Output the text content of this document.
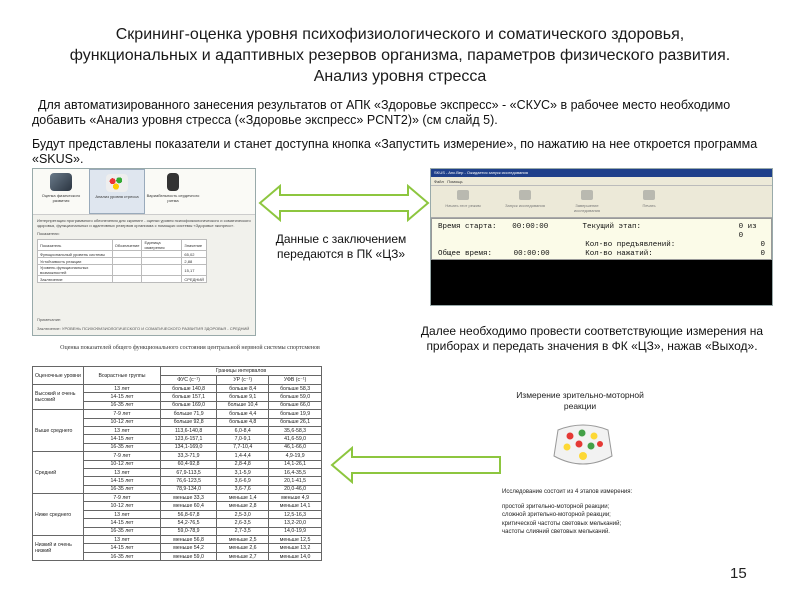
Скрининг-оценка уровня психофизиологического и соматического здоровья,
функциональных и адаптивных резервов организма, параметров физического развития.
Анализ уровня стресса
Для автоматизированного занесения результатов от АПК «Здоровье экспресс» - «СКУС» в рабочее место необходимо добавить «Анализ уровня стресса («Здоровье экспресс» PCNT2)» (см слайд 5).
Будут представлены показатели и станет доступна кнопка «Запустить измерение», по нажатию на нее откроется программа «SKUS».
Оценка физического развития
Анализ уровня стресса	Вариабельность сердечного ритма
Интерпретация программного обеспечения для скрининг - оценки уровня психофизиологического и соматического здоровья, функциональных и адаптивных резервов организма с помощью системы «Здоровье экспресс».
Показатели:
Показатель	Обозначение	Единица измерения	Значение
Функциональный уровень системы			65,02
Устойчивость реакции			2,88
Уровень функциональных возможностей			15,17
Заключение			СРЕДНИЙ
Примечание:
Заключение: УРОВЕНЬ ПСИХОФИЗИОЛОГИЧЕСКОГО И СОМАТИЧЕСКОГО РАЗВИТИЯ ЗДОРОВЬЯ - СРЕДНИЙ
SKUS - Anc.Bep - Ожидается запуск исследования
Файл Помощь
Начать этот режим	Запуск исследования	Завершение исследования
Печать
Время старта:	00:00:00	Текущий этап:	0 из 0
Кол-во предъявлений:	0
Общее время:	00:00:00	Кол-во нажатий:	0
Данные с заключением передаются в ПК «ЦЗ»
Далее необходимо провести соответствующие измерения на приборах и передать значения в ФК «ЦЗ», нажав «Выход».
Оценка показателей общего функционального состояния центральной нервной системы спортсменов
Оценочные уровни	Возрастные группы	Границы интервалов		
		ФУС (с⁻¹)	УР (с⁻¹)	УФВ (с⁻¹)
Высокий и очень высокий	13 лет	больше 140,8	больше 8,4	больше 58,3
	14-15 лет	больше 157,1	больше 9,1	больше 59,0
	16-35 лет	больше 169,0	больше 10,4	больше 66,0
Выше среднего	7-9 лет	больше 71,9	больше 4,4	больше 19,9
	10-12 лет	больше 92,8	больше 4,8	больше 26,1
	13 лет	113,6-140,8	6,0-8,4	35,6-58,3
	14-15 лет	123,6-157,1	7,0-9,1	41,6-59,0
	16-35 лет	134,1-169,0	7,7-10,4	46,1-66,0
Средний	7-9 лет	33,3-71,9	1,4-4,4	4,9-19,9
	10-12 лет	60,4-92,8	2,8-4,8	14,1-26,1
	13 лет	67,9-113,5	3,1-5,9	16,4-35,5
	14-15 лет	76,6-123,5	3,6-6,9	20,1-41,5
	16-35 лет	78,9-134,0	3,6-7,6	20,0-46,0
Ниже среднего	7-9 лет	меньше 33,3	меньше 1,4	меньше 4,9
	10-12 лет	меньше 60,4	меньше 2,8	меньше 14,1
	13 лет	56,8-67,8	2,5-3,0	12,5-16,3
	14-15 лет	54,2-76,5	2,6-3,5	13,2-20,0
	16-35 лет	59,0-78,9	2,7-3,5	14,0-19,9
Низкий и очень низкий	13 лет	меньше 56,8	меньше 2,5	меньше 12,5
	14-15 лет	меньше 54,2	меньше 2,6	меньше 13,2
	16-35 лет	меньше 59,0	меньше 2,7	меньше 14,0
Измерение зрительно-моторной реакции
Исследование состоит из 4 этапов измерения:
простой зрительно-моторной реакции;
сложной зрительно-моторной реакции;
критической частоты световых мельканий;
частоты слияний световых мельканий.
15
